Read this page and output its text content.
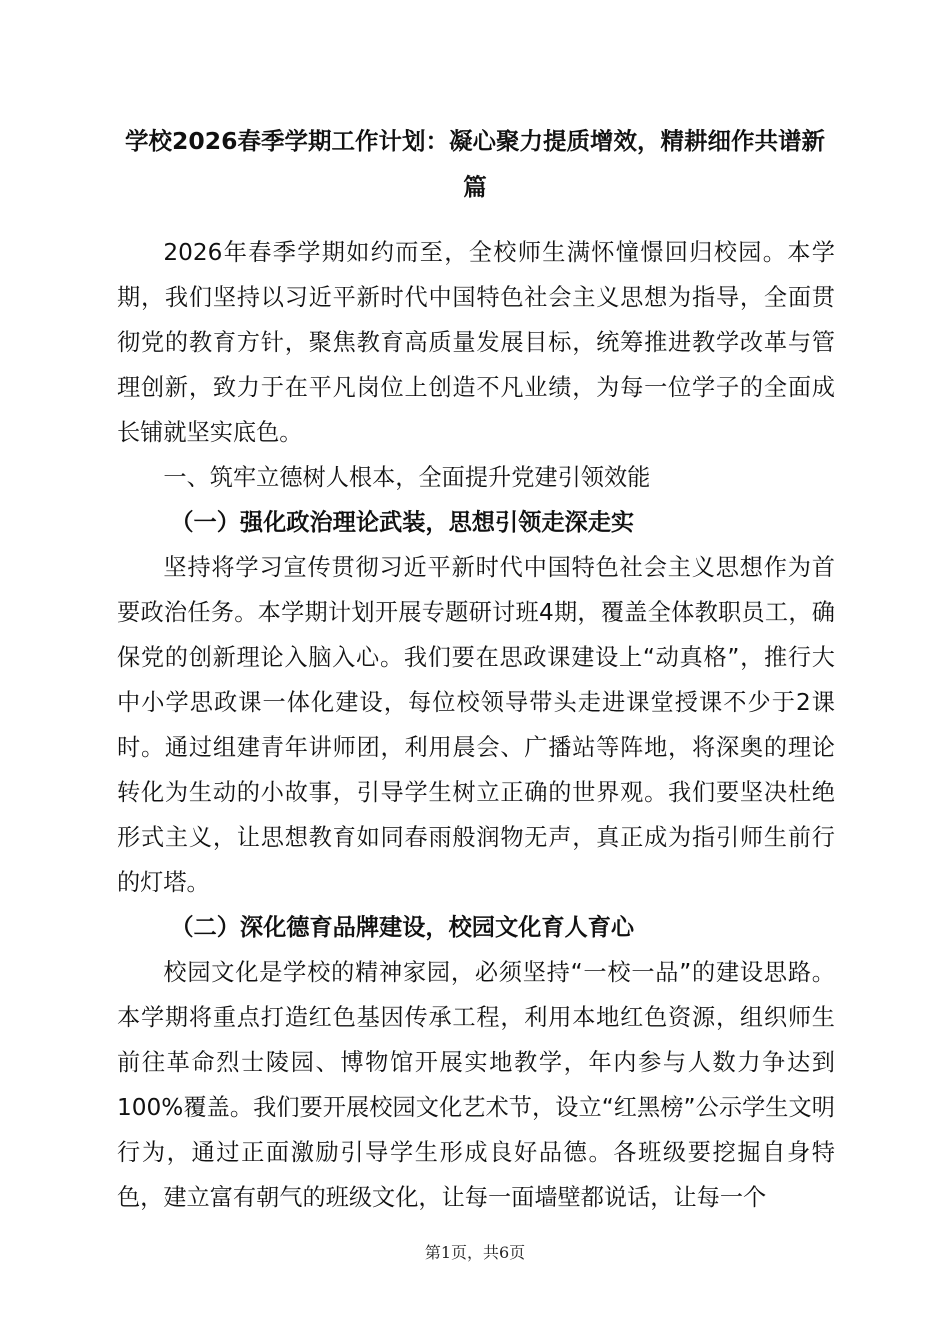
学校2026春季学期工作计划：凝心聚力提质增效，精耕细作共谱新篇

2026年春季学期如约而至，全校师生满怀憧憬回归校园。本学期，我们坚持以习近平新时代中国特色社会主义思想为指导，全面贯彻党的教育方针，聚焦教育高质量发展目标，统筹推进教学改革与管理创新，致力于在平凡岗位上创造不凡业绩，为每一位学子的全面成长铺就坚实底色。

一、筑牢立德树人根本，全面提升党建引领效能

（一）强化政治理论武装，思想引领走深走实

坚持将学习宣传贯彻习近平新时代中国特色社会主义思想作为首要政治任务。本学期计划开展专题研讨班4期，覆盖全体教职员工，确保党的创新理论入脑入心。我们要在思政课建设上“动真格”，推行大中小学思政课一体化建设，每位校领导带头走进课堂授课不少于2课时。通过组建青年讲师团，利用晨会、广播站等阵地，将深奥的理论转化为生动的小故事，引导学生树立正确的世界观。我们要坚决杜绝形式主义，让思想教育如同春雨般润物无声，真正成为指引师生前行的灯塔。

（二）深化德育品牌建设，校园文化育人育心

校园文化是学校的精神家园，必须坚持“一校一品”的建设思路。本学期将重点打造红色基因传承工程，利用本地红色资源，组织师生前往革命烈士陵园、博物馆开展实地教学，年内参与人数力争达到100%覆盖。我们要开展校园文化艺术节，设立“红黑榜”公示学生文明行为，通过正面激励引导学生形成良好品德。各班级要挖掘自身特色，建立富有朝气的班级文化，让每一面墙壁都说话，让每一个

第1页，共6页
